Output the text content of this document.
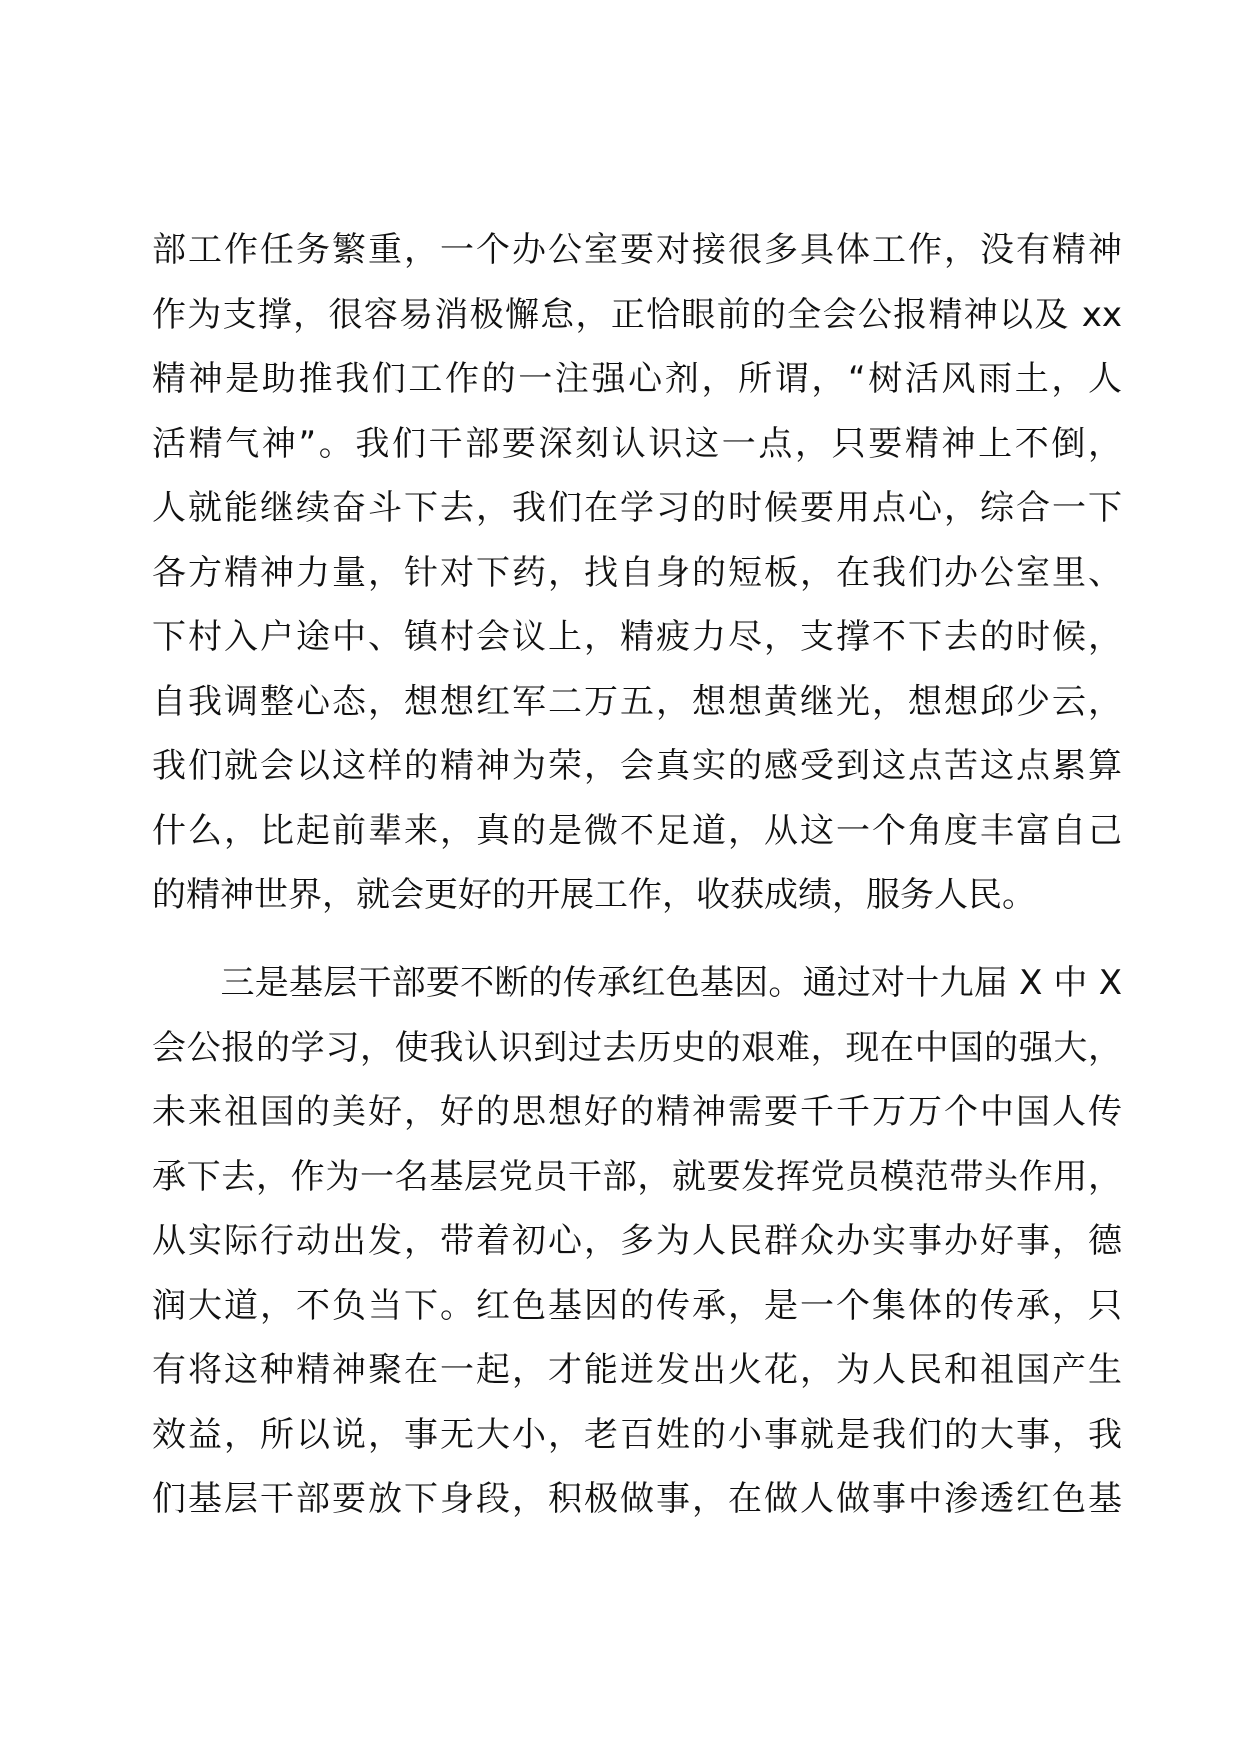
部工作任务繁重，一个办公室要对接很多具体工作，没有精神
作为支撑，很容易消极懈怠，正恰眼前的全会公报精神以及 xx
精神是助推我们工作的一注强心剂，所谓，“树活风雨土，人
活精气神”。我们干部要深刻认识这一点，只要精神上不倒，
人就能继续奋斗下去，我们在学习的时候要用点心，综合一下
各方精神力量，针对下药，找自身的短板，在我们办公室里、
下村入户途中、镇村会议上，精疲力尽，支撑不下去的时候，
自我调整心态，想想红军二万五，想想黄继光，想想邱少云，
我们就会以这样的精神为荣，会真实的感受到这点苦这点累算
什么，比起前辈来，真的是微不足道，从这一个角度丰富自己
的精神世界，就会更好的开展工作，收获成绩，服务人民。
　　三是基层干部要不断的传承红色基因。通过对十九届 X 中 X
会公报的学习，使我认识到过去历史的艰难，现在中国的强大，
未来祖国的美好，好的思想好的精神需要千千万万个中国人传
承下去，作为一名基层党员干部，就要发挥党员模范带头作用，
从实际行动出发，带着初心，多为人民群众办实事办好事，德
润大道，不负当下。红色基因的传承，是一个集体的传承，只
有将这种精神聚在一起，才能迸发出火花，为人民和祖国产生
效益，所以说，事无大小，老百姓的小事就是我们的大事，我
们基层干部要放下身段，积极做事，在做人做事中渗透红色基
